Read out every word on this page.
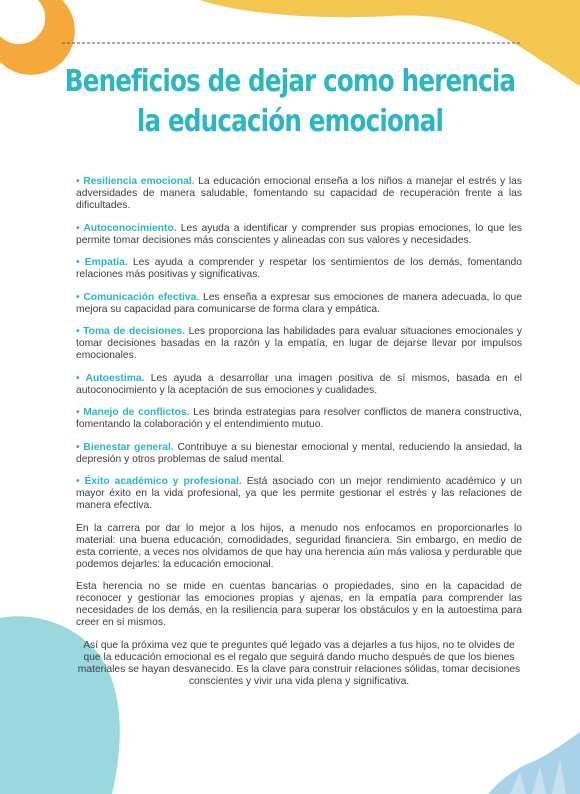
Beneficios de dejar como herencia
la educación emocional

• Resiliencia emocional. La educación emocional enseña a los niños a manejar el estrés y las adversidades de manera saludable, fomentando su capacidad de recuperación frente a las dificultades.

• Autoconocimiento. Les ayuda a identificar y comprender sus propias emociones, lo que les permite tomar decisiones más conscientes y alineadas con sus valores y necesidades.

• Empatía. Les ayuda a comprender y respetar los sentimientos de los demás, fomentando relaciones más positivas y significativas.

• Comunicación efectiva. Les enseña a expresar sus emociones de manera adecuada, lo que mejora su capacidad para comunicarse de forma clara y empática.

• Toma de decisiones. Les proporciona las habilidades para evaluar situaciones emocionales y tomar decisiones basadas en la razón y la empatía, en lugar de dejarse llevar por impulsos emocionales.

• Autoestima. Les ayuda a desarrollar una imagen positiva de sí mismos, basada en el autoconocimiento y la aceptación de sus emociones y cualidades.

• Manejo de conflictos. Les brinda estrategias para resolver conflictos de manera constructiva, fomentando la colaboración y el entendimiento mutuo.

• Bienestar general. Contribuye a su bienestar emocional y mental, reduciendo la ansiedad, la depresión y otros problemas de salud mental.

• Éxito académico y profesional. Está asociado con un mejor rendimiento académico y un mayor éxito en la vida profesional, ya que les permite gestionar el estrés y las relaciones de manera efectiva.

En la carrera por dar lo mejor a los hijos, a menudo nos enfocamos en proporcionarles lo material: una buena educación, comodidades, seguridad financiera. Sin embargo, en medio de esta corriente, a veces nos olvidamos de que hay una herencia aún más valiosa y perdurable que podemos dejarles: la educación emocional.

Esta herencia no se mide en cuentas bancarias o propiedades, sino en la capacidad de reconocer y gestionar las emociones propias y ajenas, en la empatía para comprender las necesidades de los demás, en la resiliencia para superar los obstáculos y en la autoestima para creer en sí mismos.

Así que la próxima vez que te preguntes qué legado vas a dejarles a tus hijos, no te olvides de que la educación emocional es el regalo que seguirá dando mucho después de que los bienes materiales se hayan desvanecido. Es la clave para construir relaciones sólidas, tomar decisiones conscientes y vivir una vida plena y significativa.
